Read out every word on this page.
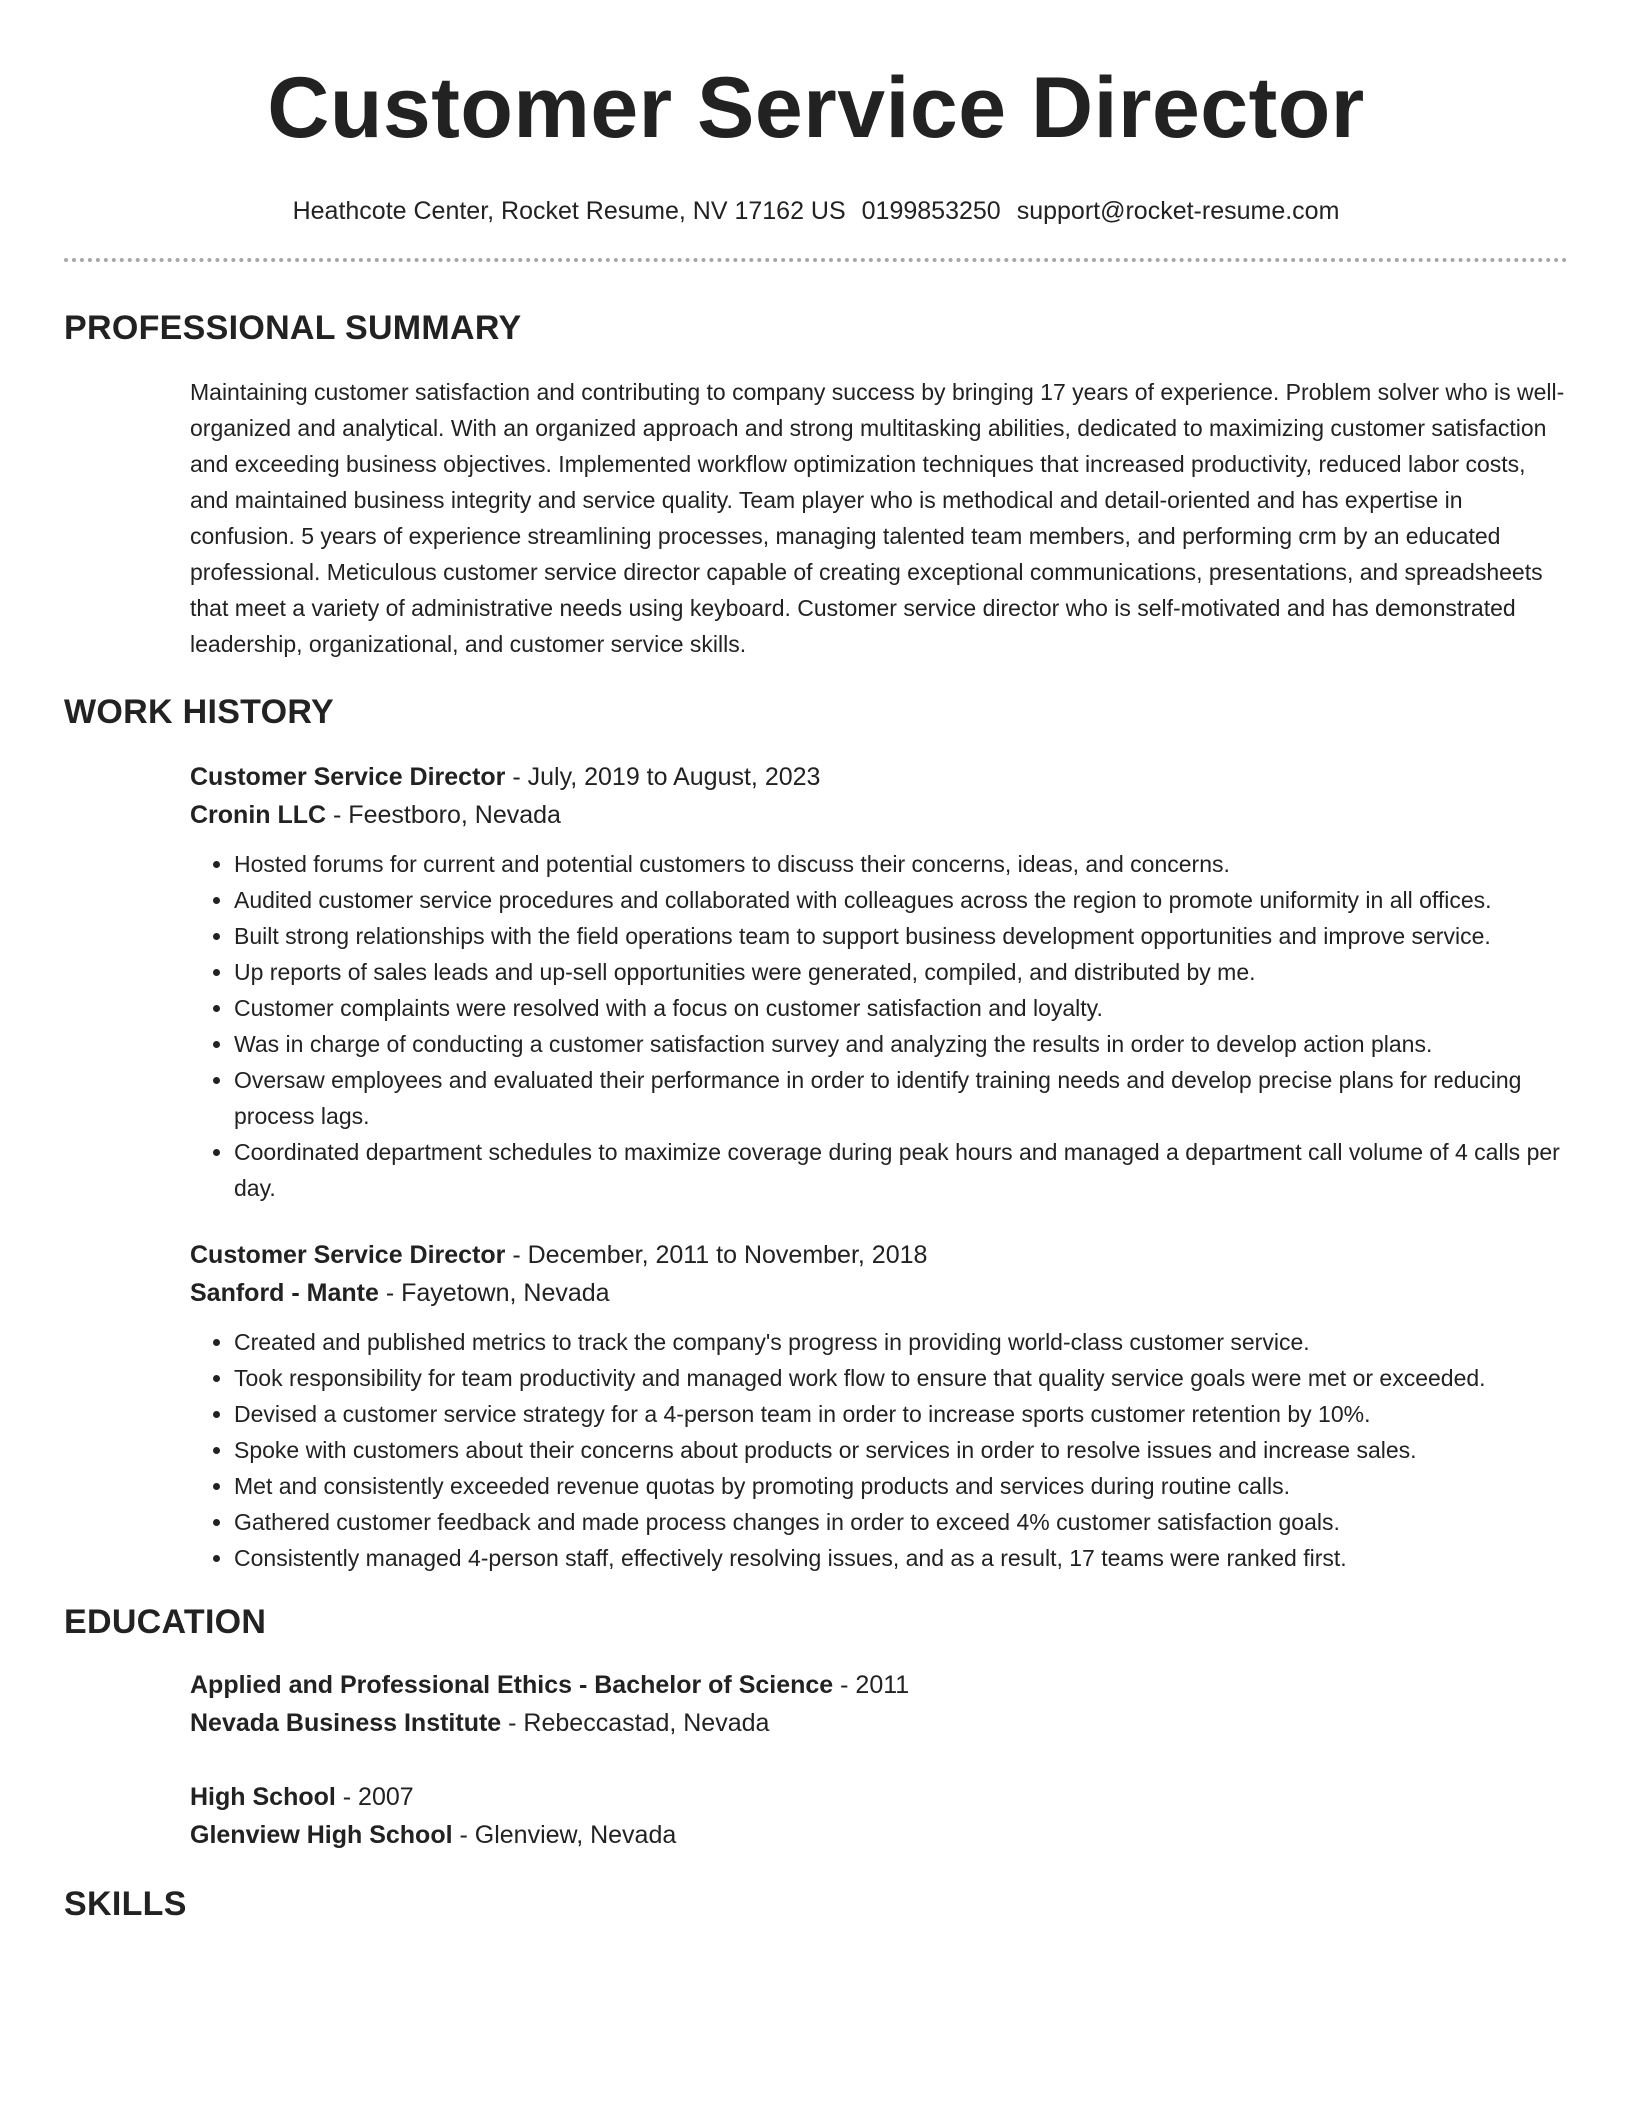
Customer Service Director
Heathcote Center, Rocket Resume, NV 17162 US 0199853250 support@rocket-resume.com
PROFESSIONAL SUMMARY

Maintaining customer satisfaction and contributing to company success by bringing 17 years of experience. Problem solver who is well-organized and analytical. With an organized approach and strong multitasking abilities, dedicated to maximizing customer satisfaction and exceeding business objectives. Implemented workflow optimization techniques that increased productivity, reduced labor costs, and maintained business integrity and service quality. Team player who is methodical and detail-oriented and has expertise in confusion. 5 years of experience streamlining processes, managing talented team members, and performing crm by an educated professional. Meticulous customer service director capable of creating exceptional communications, presentations, and spreadsheets that meet a variety of administrative needs using keyboard. Customer service director who is self-motivated and has demonstrated leadership, organizational, and customer service skills.

WORK HISTORY
Customer Service Director - July, 2019 to August, 2023
Cronin LLC - Feestboro, Nevada
• Hosted forums for current and potential customers to discuss their concerns, ideas, and concerns.
• Audited customer service procedures and collaborated with colleagues across the region to promote uniformity in all offices.
• Built strong relationships with the field operations team to support business development opportunities and improve service.
• Up reports of sales leads and up-sell opportunities were generated, compiled, and distributed by me.
• Customer complaints were resolved with a focus on customer satisfaction and loyalty.
• Was in charge of conducting a customer satisfaction survey and analyzing the results in order to develop action plans.
• Oversaw employees and evaluated their performance in order to identify training needs and develop precise plans for reducing process lags.
• Coordinated department schedules to maximize coverage during peak hours and managed a department call volume of 4 calls per day.
Customer Service Director - December, 2011 to November, 2018
Sanford - Mante - Fayetown, Nevada
• Created and published metrics to track the company's progress in providing world-class customer service.
• Took responsibility for team productivity and managed work flow to ensure that quality service goals were met or exceeded.
• Devised a customer service strategy for a 4-person team in order to increase sports customer retention by 10%.
• Spoke with customers about their concerns about products or services in order to resolve issues and increase sales.
• Met and consistently exceeded revenue quotas by promoting products and services during routine calls.
• Gathered customer feedback and made process changes in order to exceed 4% customer satisfaction goals.
• Consistently managed 4-person staff, effectively resolving issues, and as a result, 17 teams were ranked first.
EDUCATION
Applied and Professional Ethics - Bachelor of Science - 2011
Nevada Business Institute - Rebeccastad, Nevada
High School - 2007
Glenview High School - Glenview, Nevada
SKILLS
